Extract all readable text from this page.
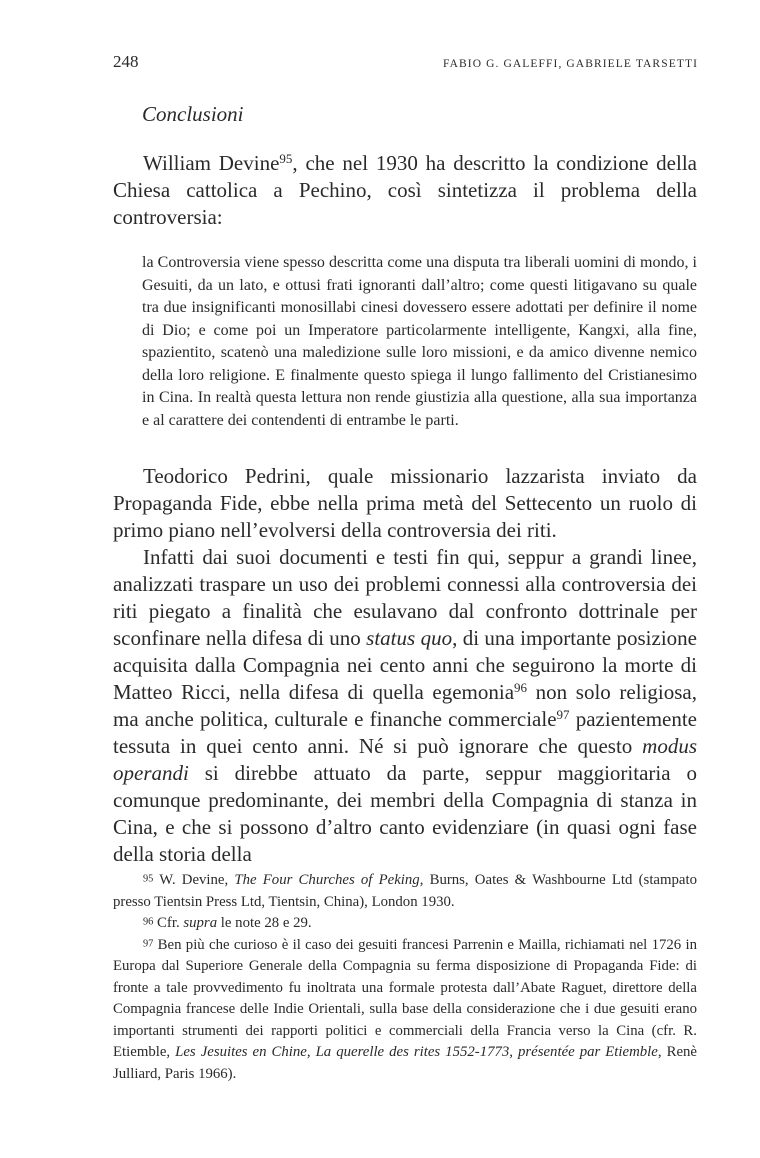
248	FABIO G. GALEFFI, GABRIELE TARSETTI
Conclusioni

William Devine$^{95}$, che nel 1930 ha descritto la condizione della Chiesa cattolica a Pechino, così sintetizza il problema della controversia:

la Controversia viene spesso descritta come una disputa tra liberali uomini di mondo, i Gesuiti, da un lato, e ottusi frati ignoranti dall’altro; come questi litigavano su quale tra due insignificanti monosillabi cinesi dovessero essere adottati per definire il nome di Dio; e come poi un Imperatore particolarmente intelligente, Kangxi, alla fine, spazientito, scatenò una maledizione sulle loro missioni, e da amico divenne nemico della loro religione. E finalmente questo spiega il lungo fallimento del Cristianesimo in Cina. In realtà questa lettura non rende giustizia alla questione, alla sua importanza e al carattere dei contendenti di entrambe le parti.

Teodorico Pedrini, quale missionario lazzarista inviato da Propaganda Fide, ebbe nella prima metà del Settecento un ruolo di primo piano nell’evolversi della controversia dei riti.

Infatti dai suoi documenti e testi fin qui, seppur a grandi linee, analizzati traspare un uso dei problemi connessi alla controversia dei riti piegato a finalità che esulavano dal confronto dottrinale per sconfinare nella difesa di uno status quo, di una importante posizione acquisita dalla Compagnia nei cento anni che seguirono la morte di Matteo Ricci, nella difesa di quella egemonia$^{96}$ non solo religiosa, ma anche politica, culturale e finanche commerciale$^{97}$ pazientemente tessuta in quei cento anni. Né si può ignorare che questo modus operandi si direbbe attuato da parte, seppur maggioritaria o comunque predominante, dei membri della Compagnia di stanza in Cina, e che si possono d’altro canto evidenziare (in quasi ogni fase della storia della

$^{95}$ W. Devine, The Four Churches of Peking, Burns, Oates & Washbourne Ltd (stampato presso Tientsin Press Ltd, Tientsin, China), London 1930.

$^{96}$ Cfr. supra le note 28 e 29.

$^{97}$ Ben più che curioso è il caso dei gesuiti francesi Parrenin e Mailla, richiamati nel 1726 in Europa dal Superiore Generale della Compagnia su ferma disposizione di Propaganda Fide: di fronte a tale provvedimento fu inoltrata una formale protesta dall’Abate Raguet, direttore della Compagnia francese delle Indie Orientali, sulla base della considerazione che i due gesuiti erano importanti strumenti dei rapporti politici e commerciali della Francia verso la Cina (cfr. R. Etiemble, Les Jesuites en Chine, La querelle des rites 1552-1773, présentée par Etiemble, Renè Julliard, Paris 1966).
